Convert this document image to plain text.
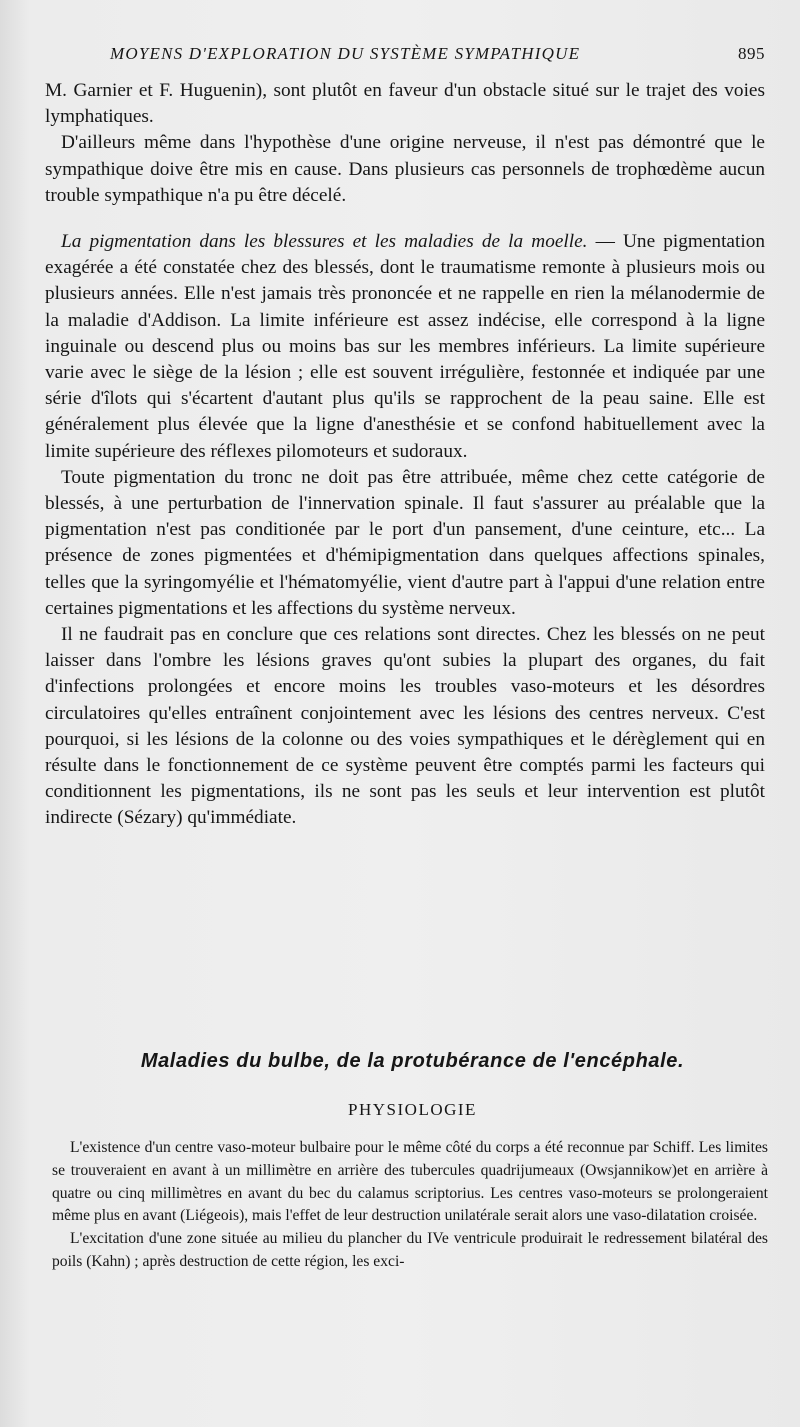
MOYENS D'EXPLORATION DU SYSTÈME SYMPATHIQUE	895

M. Garnier et F. Huguenin), sont plutôt en faveur d'un obstacle situé sur le trajet des voies lymphatiques.

D'ailleurs même dans l'hypothèse d'une origine nerveuse, il n'est pas démontré que le sympathique doive être mis en cause. Dans plusieurs cas personnels de trophœdème aucun trouble sympathique n'a pu être décelé.

La pigmentation dans les blessures et les maladies de la moelle. — Une pigmentation exagérée a été constatée chez des blessés, dont le traumatisme remonte à plusieurs mois ou plusieurs années. Elle n'est jamais très prononcée et ne rappelle en rien la mélanodermie de la maladie d'Addison. La limite inférieure est assez indécise, elle correspond à la ligne inguinale ou descend plus ou moins bas sur les membres inférieurs. La limite supérieure varie avec le siège de la lésion ; elle est souvent irrégulière, festonnée et indiquée par une série d'îlots qui s'écartent d'autant plus qu'ils se rapprochent de la peau saine. Elle est généralement plus élevée que la ligne d'anesthésie et se confond habituellement avec la limite supérieure des réflexes pilomoteurs et sudoraux.

Toute pigmentation du tronc ne doit pas être attribuée, même chez cette catégorie de blessés, à une perturbation de l'innervation spinale. Il faut s'assurer au préalable que la pigmentation n'est pas conditionée par le port d'un pansement, d'une ceinture, etc... La présence de zones pigmentées et d'hémipigmentation dans quelques affections spinales, telles que la syringomyélie et l'hématomyélie, vient d'autre part à l'appui d'une relation entre certaines pigmentations et les affections du système nerveux.

Il ne faudrait pas en conclure que ces relations sont directes. Chez les blessés on ne peut laisser dans l'ombre les lésions graves qu'ont subies la plupart des organes, du fait d'infections prolongées et encore moins les troubles vaso-moteurs et les désordres circulatoires qu'elles entraînent conjointement avec les lésions des centres nerveux. C'est pourquoi, si les lésions de la colonne ou des voies sympathiques et le dérèglement qui en résulte dans le fonctionnement de ce système peuvent être comptés parmi les facteurs qui conditionnent les pigmentations, ils ne sont pas les seuls et leur intervention est plutôt indirecte (Sézary) qu'immédiate.

Maladies du bulbe, de la protubérance de l'encéphale.
PHYSIOLOGIE

L'existence d'un centre vaso-moteur bulbaire pour le même côté du corps a été reconnue par Schiff. Les limites se trouveraient en avant à un millimètre en arrière des tubercules quadrijumeaux (Owsjannikow)et en arrière à quatre ou cinq millimètres en avant du bec du calamus scriptorius. Les centres vaso-moteurs se prolongeraient même plus en avant (Liégeois), mais l'effet de leur destruction unilatérale serait alors une vaso-dilatation croisée.

L'excitation d'une zone située au milieu du plancher du IVe ventricule produirait le redressement bilatéral des poils (Kahn) ; après destruction de cette région, les exci-
